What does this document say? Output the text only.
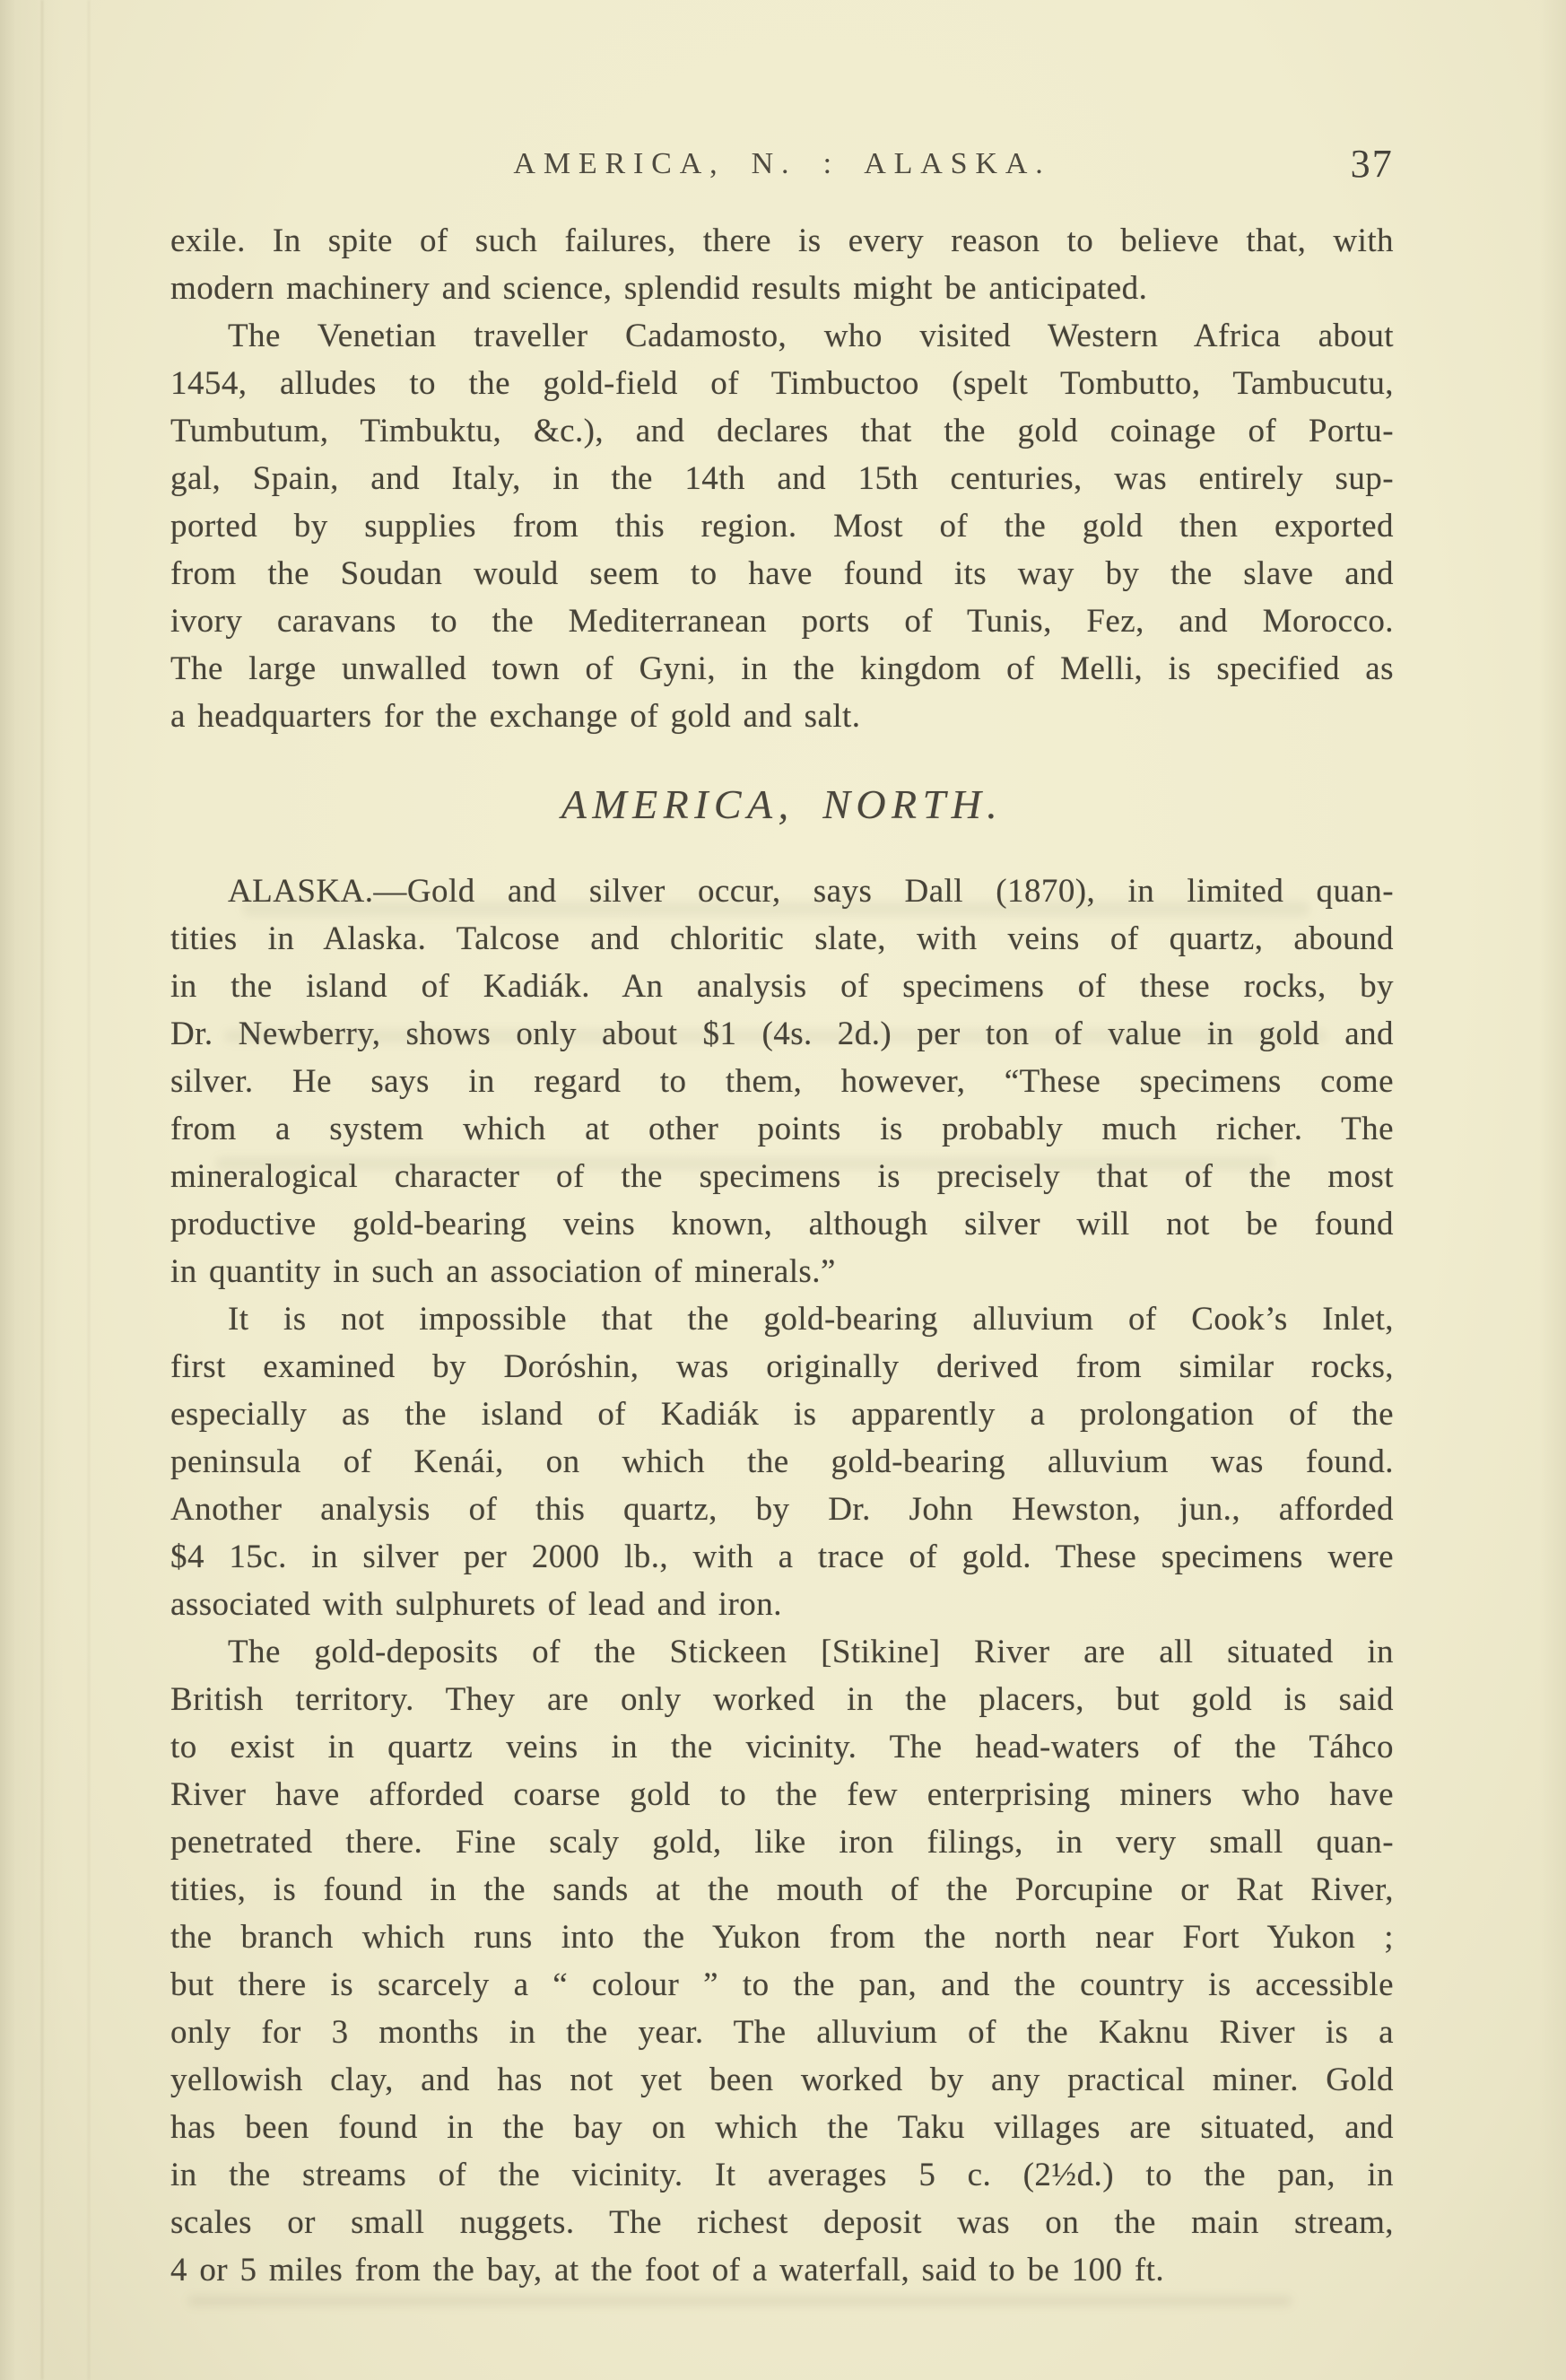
AMERICA, N. : ALASKA.	37
exile. In spite of such failures, there is every reason to believe that, with
modern machinery and science, splendid results might be anticipated.
The Venetian traveller Cadamosto, who visited Western Africa about
1454, alludes to the gold-field of Timbuctoo (spelt Tombutto, Tambucutu,
Tumbutum, Timbuktu, &c.), and declares that the gold coinage of Portu-
gal, Spain, and Italy, in the 14th and 15th centuries, was entirely sup-
ported by supplies from this region. Most of the gold then exported
from the Soudan would seem to have found its way by the slave and
ivory caravans to the Mediterranean ports of Tunis, Fez, and Morocco.
The large unwalled town of Gyni, in the kingdom of Melli, is specified as
a headquarters for the exchange of gold and salt.
AMERICA, NORTH.
ALASKA.—Gold and silver occur, says Dall (1870), in limited quan-
tities in Alaska. Talcose and chloritic slate, with veins of quartz, abound
in the island of Kadiák. An analysis of specimens of these rocks, by
Dr. Newberry, shows only about $1 (4s. 2d.) per ton of value in gold and
silver. He says in regard to them, however, “These specimens come
from a system which at other points is probably much richer. The
mineralogical character of the specimens is precisely that of the most
productive gold-bearing veins known, although silver will not be found
in quantity in such an association of minerals.”
It is not impossible that the gold-bearing alluvium of Cook’s Inlet,
first examined by Doróshin, was originally derived from similar rocks,
especially as the island of Kadiák is apparently a prolongation of the
peninsula of Kenái, on which the gold-bearing alluvium was found.
Another analysis of this quartz, by Dr. John Hewston, jun., afforded
$4 15c. in silver per 2000 lb., with a trace of gold. These specimens were
associated with sulphurets of lead and iron.
The gold-deposits of the Stickeen [Stikine] River are all situated in
British territory. They are only worked in the placers, but gold is said
to exist in quartz veins in the vicinity. The head-waters of the Táhco
River have afforded coarse gold to the few enterprising miners who have
penetrated there. Fine scaly gold, like iron filings, in very small quan-
tities, is found in the sands at the mouth of the Porcupine or Rat River,
the branch which runs into the Yukon from the north near Fort Yukon ;
but there is scarcely a “ colour ” to the pan, and the country is accessible
only for 3 months in the year. The alluvium of the Kaknu River is a
yellowish clay, and has not yet been worked by any practical miner. Gold
has been found in the bay on which the Taku villages are situated, and
in the streams of the vicinity. It averages 5 c. (2½d.) to the pan, in
scales or small nuggets. The richest deposit was on the main stream,
4 or 5 miles from the bay, at the foot of a waterfall, said to be 100 ft.
